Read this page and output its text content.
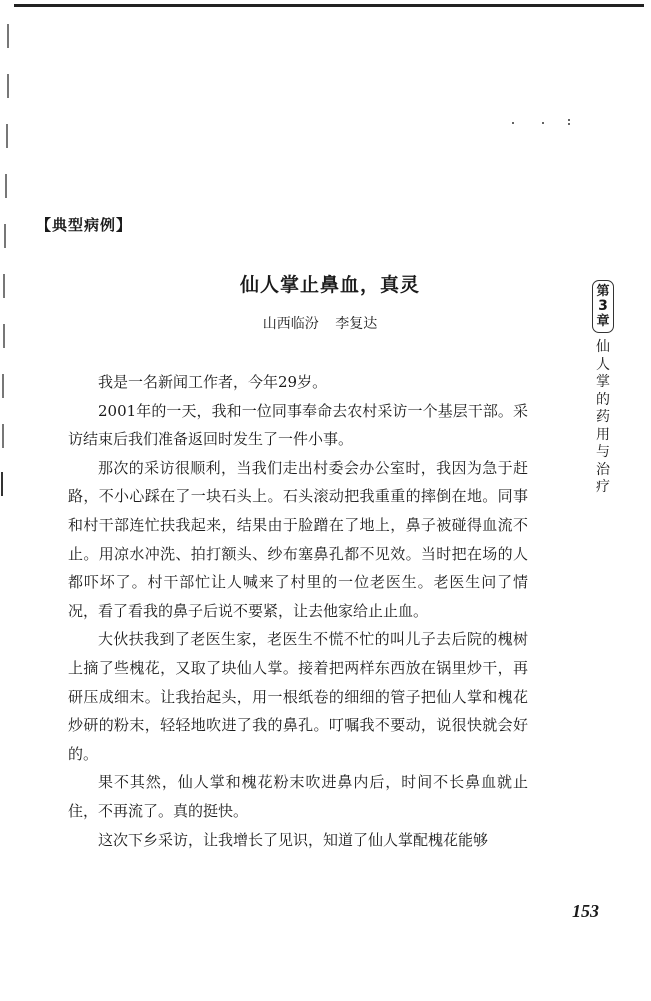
【典型病例】
仙人掌止鼻血，真灵
山西临汾 李复达

我是一名新闻工作者，今年29岁。

2001年的一天，我和一位同事奉命去农村采访一个基层干部。采访结束后我们准备返回时发生了一件小事。

那次的采访很顺利，当我们走出村委会办公室时，我因为急于赶路，不小心踩在了一块石头上。石头滚动把我重重的摔倒在地。同事和村干部连忙扶我起来，结果由于脸蹭在了地上，鼻子被碰得血流不止。用凉水冲洗、拍打额头、纱布塞鼻孔都不见效。当时把在场的人都吓坏了。村干部忙让人喊来了村里的一位老医生。老医生问了情况，看了看我的鼻子后说不要紧，让去他家给止止血。

大伙扶我到了老医生家，老医生不慌不忙的叫儿子去后院的槐树上摘了些槐花，又取了块仙人掌。接着把两样东西放在锅里炒干，再研压成细末。让我抬起头，用一根纸卷的细细的管子把仙人掌和槐花炒研的粉末，轻轻地吹进了我的鼻孔。叮嘱我不要动，说很快就会好的。

果不其然，仙人掌和槐花粉末吹进鼻内后，时间不长鼻血就止住，不再流了。真的挺快。

这次下乡采访，让我增长了见识，知道了仙人掌配槐花能够

第
3
章
仙
人
掌
的
药
用
与
治
疗
153
